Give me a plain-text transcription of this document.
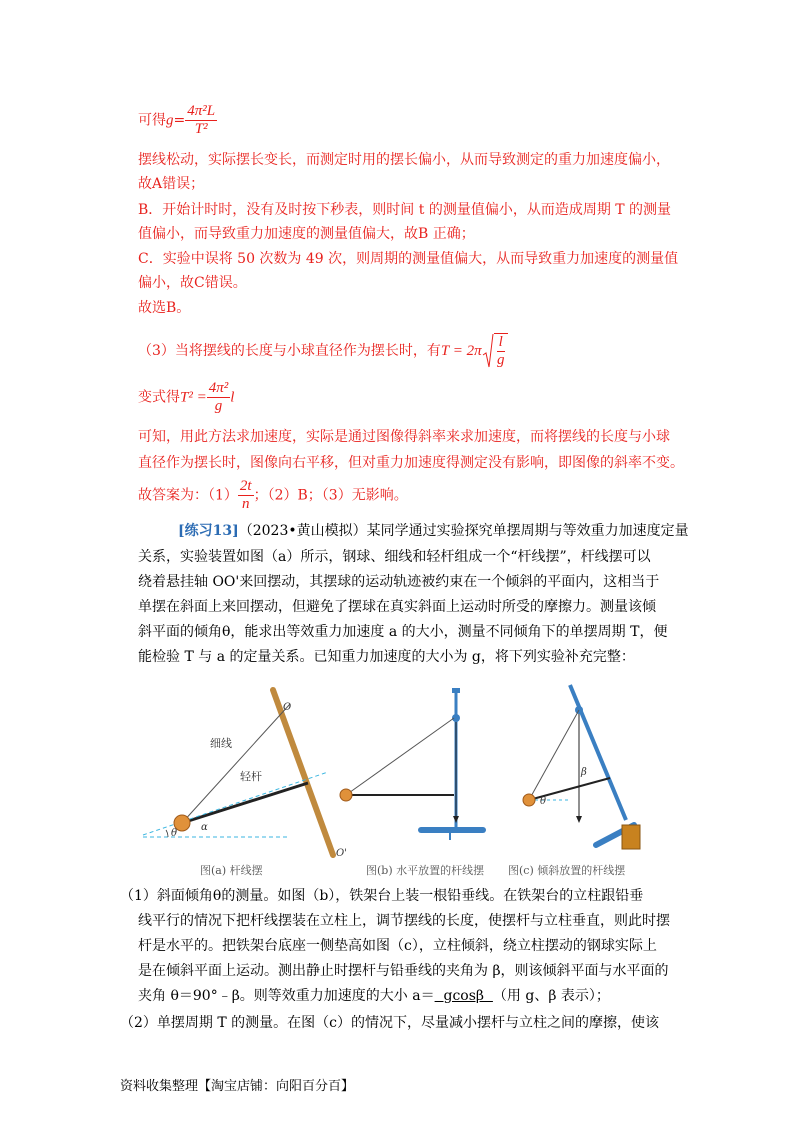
可得$g= \frac{\text{4π²L}}{\text{T²}}$
摆线松动，实际摆长变长，而测定时用的摆长偏小，从而导致测定的重力加速度偏小，
故A错误；
B．开始计时时，没有及时按下秒表，则时间 t 的测量值偏小，从而造成周期 T 的测量
值偏小，而导致重力加速度的测量值偏大，故B 正确；
C．实验中误将 50 次数为 49 次，则周期的测量值偏大，从而导致重力加速度的测量值
偏小，故C错误。
故选B。
（3）当将摆线的长度与小球直径作为摆长时，有$T = 2\pi \frac{l}{g}$
变式得$T^2 = \frac{\text{4π²}}{g}$ l
可知，用此方法求加速度，实际是通过图像得斜率来求加速度，而将摆线的长度与小球
直径作为摆长时，图像向右平移，但对重力加速度得测定没有影响，即图像的斜率不变。
故答案为：$(1) \frac{2t}{n}$ ；（2）B；（3）无影响。
[练习13]（2023•黄山模拟）某同学通过实验探究单摆周期与等效重力加速度定量
关系，实验装置如图（a）所示，钢球、细线和轻杆组成一个“杆线摆”，杆线摆可以
绕着悬挂轴 OO'来回摆动，其摆球的运动轨迹被约束在一个倾斜的平面内，这相当于
单摆在斜面上来回摆动，但避免了摆球在真实斜面上运动时所受的摩擦力。测量该倾
斜平面的倾角θ，能求出等效重力加速度 a 的大小，测量不同倾角下的单摆周期 T，便
能检验 T 与 a 的定量关系。已知重力加速度的大小为 g，将下列实验补充完整：
O
O'
细线
轻杆
α
θ
β
θ
图(a) 杆线摆	图(b) 水平放置的杆线摆 图(c) 倾斜放置的杆线摆
（1）斜面倾角θ的测量。如图（b），铁架台上装一根铅垂线。在铁架台的立柱跟铅垂
线平行的情况下把杆线摆装在立柱上，调节摆线的长度，使摆杆与立柱垂直，则此时摆
杆是水平的。把铁架台底座一侧垫高如图（c），立柱倾斜，绕立柱摆动的钢球实际上
是在倾斜平面上运动。测出静止时摆杆与铅垂线的夹角为 β，则该倾斜平面与水平面的
夹角 θ＝90°﹣β。则等效重力加速度的大小 a＝  gcosβ  （用 g、β 表示）；
（2）单摆周期 T 的测量。在图（c）的情况下，尽量减小摆杆与立柱之间的摩擦，使该
资料收集整理【淘宝店铺：向阳百分百】
